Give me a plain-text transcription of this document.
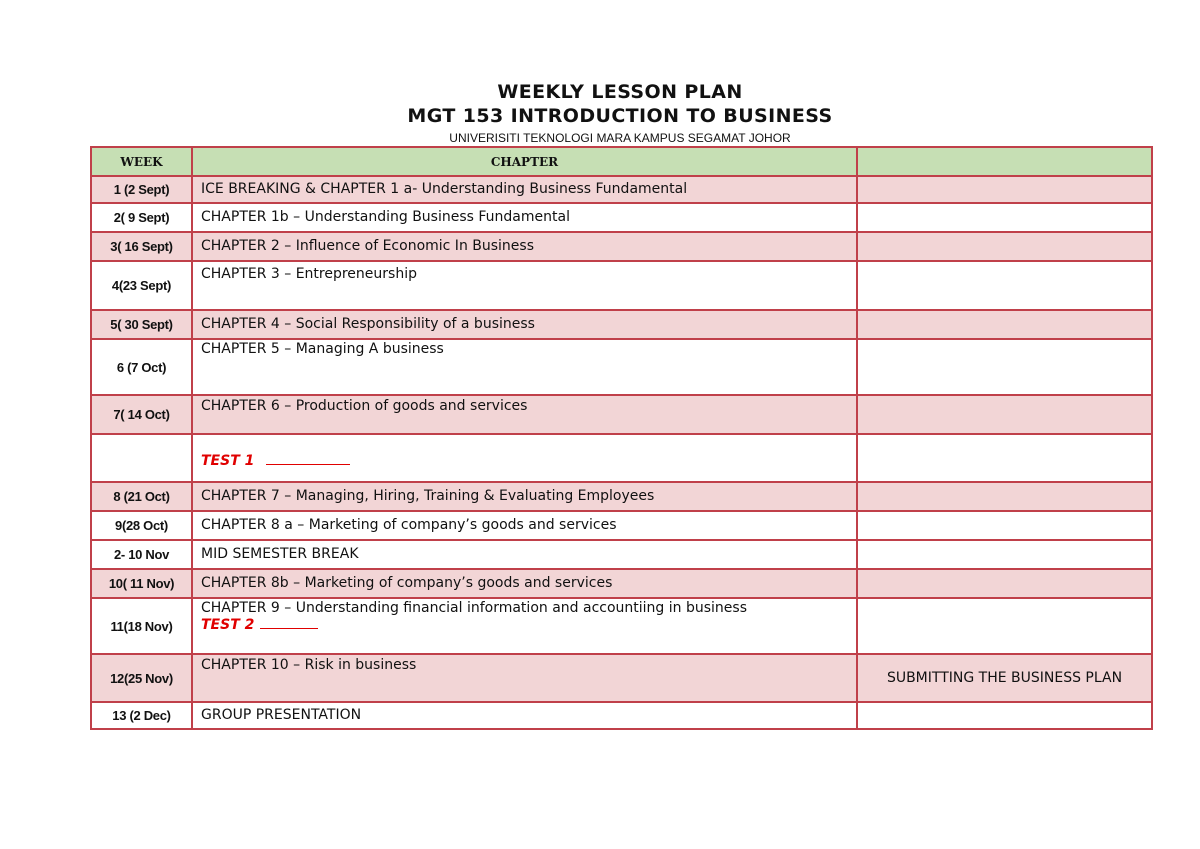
WEEKLY LESSON PLAN
MGT 153 INTRODUCTION TO BUSINESS
UNIVERISITI TEKNOLOGI MARA KAMPUS SEGAMAT JOHOR
WEEK	CHAPTER	
1 (2 Sept)	ICE BREAKING & CHAPTER 1 a- Understanding Business Fundamental	
2( 9 Sept)	CHAPTER 1b – Understanding Business Fundamental	
3( 16 Sept)	CHAPTER 2 – Influence of Economic In Business	
4(23 Sept)	CHAPTER 3 – Entrepreneurship	
5( 30 Sept)	CHAPTER 4 – Social Responsibility of a business	
6 (7 Oct)	CHAPTER 5 – Managing A business	
7( 14 Oct)	CHAPTER 6 – Production of goods and services	
	TEST 1	
8 (21 Oct)	CHAPTER 7 – Managing, Hiring, Training & Evaluating Employees	
9(28 Oct)	CHAPTER 8 a – Marketing of company’s goods and services	
2- 10 Nov	MID SEMESTER BREAK	
10( 11 Nov)	CHAPTER 8b – Marketing of company’s goods and services	
11(18 Nov)	CHAPTER 9 – Understanding financial information and accountiing in business
TEST 2	

12(25 Nov)	CHAPTER 10 – Risk in business	SUBMITTING THE BUSINESS PLAN
13 (2 Dec)	GROUP PRESENTATION	
